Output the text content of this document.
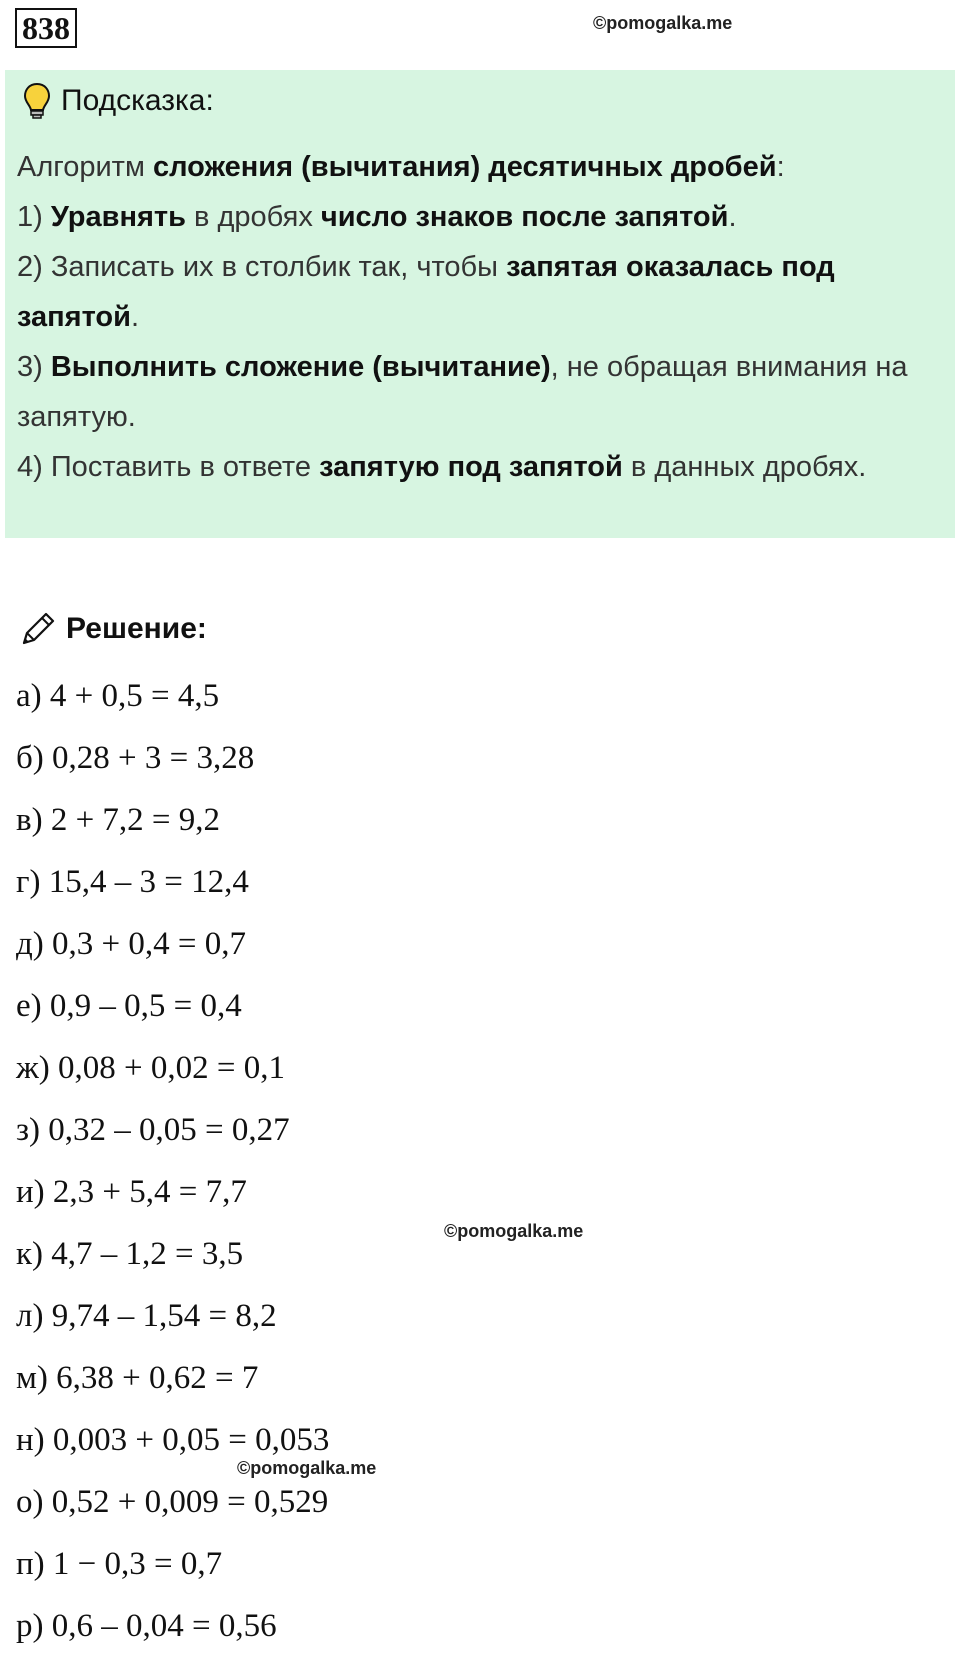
838	©pomogalka.me
Подсказка:
Алгоритм сложения (вычитания) десятичных дробей:
1) Уравнять в дробях число знаков после запятой.
2) Записать их в столбик так, чтобы запятая оказалась под запятой.
3) Выполнить сложение (вычитание), не обращая внимания на запятую.
4) Поставить в ответе запятую под запятой в данных дробях.
Решение:
а) 4 + 0,5 = 4,5
б) 0,28 + 3 = 3,28
в) 2 + 7,2 = 9,2
г) 15,4 – 3 = 12,4
д) 0,3 + 0,4 = 0,7
е) 0,9 – 0,5 = 0,4
ж) 0,08 + 0,02 = 0,1
з) 0,32 – 0,05 = 0,27
и) 2,3 + 5,4 = 7,7
к) 4,7 – 1,2 = 3,5
л) 9,74 – 1,54 = 8,2
м) 6,38 + 0,62 = 7
н) 0,003 + 0,05 = 0,053
о) 0,52 + 0,009 = 0,529
п) 1 − 0,3 = 0,7
р) 0,6 – 0,04 = 0,56
©pomogalka.me
©pomogalka.me
